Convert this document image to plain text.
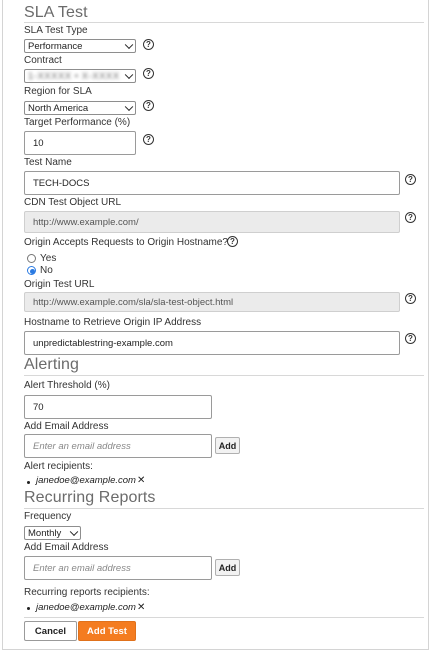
SLA Test
SLA Test Type
Performance	?
Contract
1-XXXXX • X-XXXX	?
Region for SLA
North America	?
Target Performance (%)
10	?
Test Name
TECH-DOCS	?
CDN Test Object URL
http://www.example.com/	?
Origin Accepts Requests to Origin Hostname? ?
Yes
No
Origin Test URL
http://www.example.com/sla/sla-test-object.html	?
Hostname to Retrieve Origin IP Address
unpredictablestring-example.com	?
Alerting
Alert Threshold (%)
70
Add Email Address
Enter an email address	Add
Alert recipients:
janedoe@example.com ✕
Recurring Reports
Frequency
Monthly
Add Email Address
Enter an email address	Add
Recurring reports recipients:
janedoe@example.com ✕
Cancel	Add Test
